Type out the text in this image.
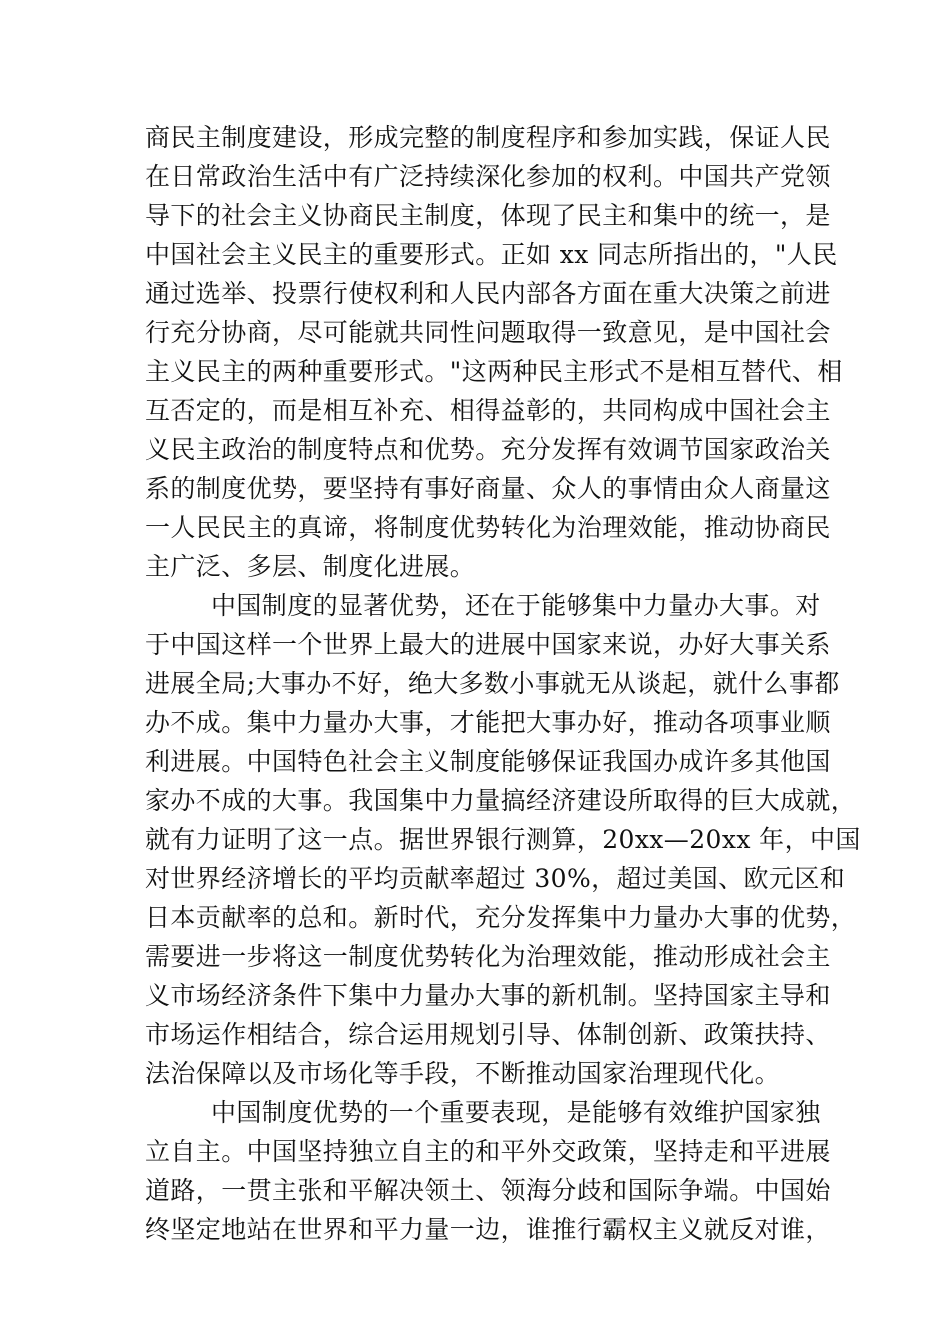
商民主制度建设，形成完整的制度程序和参加实践，保证人民
在日常政治生活中有广泛持续深化参加的权利。中国共产党领
导下的社会主义协商民主制度，体现了民主和集中的统一，是
中国社会主义民主的重要形式。正如 xx 同志所指出的，"人民
通过选举、投票行使权利和人民内部各方面在重大决策之前进
行充分协商，尽可能就共同性问题取得一致意见，是中国社会
主义民主的两种重要形式。"这两种民主形式不是相互替代、相
互否定的，而是相互补充、相得益彰的，共同构成中国社会主
义民主政治的制度特点和优势。充分发挥有效调节国家政治关
系的制度优势，要坚持有事好商量、众人的事情由众人商量这
一人民民主的真谛，将制度优势转化为治理效能，推动协商民
主广泛、多层、制度化进展。
中国制度的显著优势，还在于能够集中力量办大事。对
于中国这样一个世界上最大的进展中国家来说，办好大事关系
进展全局;大事办不好，绝大多数小事就无从谈起，就什么事都
办不成。集中力量办大事，才能把大事办好，推动各项事业顺
利进展。中国特色社会主义制度能够保证我国办成许多其他国
家办不成的大事。我国集中力量搞经济建设所取得的巨大成就，
就有力证明了这一点。据世界银行测算，20xx—20xx 年，中国
对世界经济增长的平均贡献率超过 30%，超过美国、欧元区和
日本贡献率的总和。新时代，充分发挥集中力量办大事的优势，
需要进一步将这一制度优势转化为治理效能，推动形成社会主
义市场经济条件下集中力量办大事的新机制。坚持国家主导和
市场运作相结合，综合运用规划引导、体制创新、政策扶持、
法治保障以及市场化等手段，不断推动国家治理现代化。
中国制度优势的一个重要表现，是能够有效维护国家独
立自主。中国坚持独立自主的和平外交政策，坚持走和平进展
道路，一贯主张和平解决领土、领海分歧和国际争端。中国始
终坚定地站在世界和平力量一边，谁推行霸权主义就反对谁，
